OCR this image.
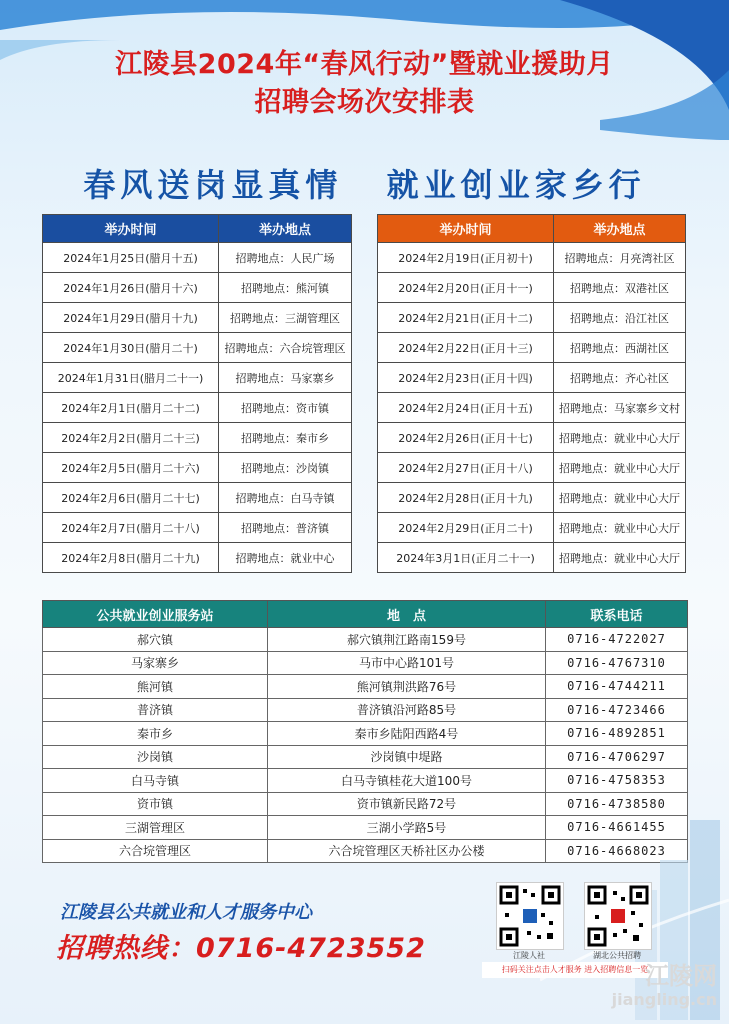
江陵县2024年“春风行动”暨就业援助月
招聘会场次安排表
春风送岗显真情 就业创业家乡行
举办时间	举办地点
2024年1月25日(腊月十五)	招聘地点：人民广场
2024年1月26日(腊月十六)	招聘地点：熊河镇
2024年1月29日(腊月十九)	招聘地点：三湖管理区
2024年1月30日(腊月二十)	招聘地点：六合垸管理区
2024年1月31日(腊月二十一)	招聘地点：马家寨乡
2024年2月1日(腊月二十二)	招聘地点：资市镇
2024年2月2日(腊月二十三)	招聘地点：秦市乡
2024年2月5日(腊月二十六)	招聘地点：沙岗镇
2024年2月6日(腊月二十七)	招聘地点：白马寺镇
2024年2月7日(腊月二十八)	招聘地点：普济镇
2024年2月8日(腊月二十九)	招聘地点：就业中心
举办时间	举办地点
2024年2月19日(正月初十)	招聘地点：月亮湾社区
2024年2月20日(正月十一)	招聘地点：双港社区
2024年2月21日(正月十二)	招聘地点：沿江社区
2024年2月22日(正月十三)	招聘地点：西湖社区
2024年2月23日(正月十四)	招聘地点：齐心社区
2024年2月24日(正月十五)	招聘地点：马家寨乡文村
2024年2月26日(正月十七)	招聘地点：就业中心大厅
2024年2月27日(正月十八)	招聘地点：就业中心大厅
2024年2月28日(正月十九)	招聘地点：就业中心大厅
2024年2月29日(正月二十)	招聘地点：就业中心大厅
2024年3月1日(正月二十一)	招聘地点：就业中心大厅
公共就业创业服务站	地　点	联系电话
郝穴镇	郝穴镇荆江路南159号	0716-4722027
马家寨乡	马市中心路101号	0716-4767310
熊河镇	熊河镇荆洪路76号	0716-4744211
普济镇	普济镇沿河路85号	0716-4723466
秦市乡	秦市乡陆阳西路4号	0716-4892851
沙岗镇	沙岗镇中堤路	0716-4706297
白马寺镇	白马寺镇桂花大道100号	0716-4758353
资市镇	资市镇新民路72号	0716-4738580
三湖管理区	三湖小学路5号	0716-4661455
六合垸管理区	六合垸管理区天桥社区办公楼	0716-4668023
江陵县公共就业和人才服务中心
招聘热线：0716-4723552	江陵人社	湖北公共招聘
扫码关注点击人才服务 进入招聘信息一览
江陵网
jiangling.cn
